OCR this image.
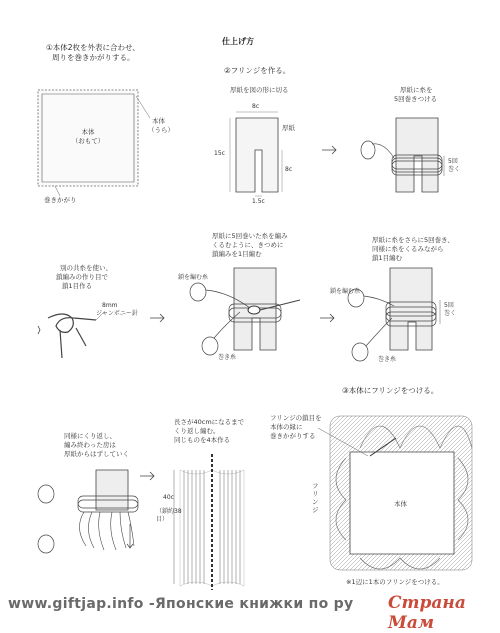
仕上げ方
①本体2枚を外表に合わせ、
周りを巻きかがりする。
本体
（おもて）
本体
（うら）
巻きかがり
②フリンジを作る。
厚紙を図の形に切る
8c
15c
8c
1.5c
厚紙
厚紙に糸を
5回巻きつける
5回
巻く
別の共糸を使い、
鎖編みの作り目で
鎖1目作る
8mm
ジャンボニー針
厚紙に5回巻いた糸を編み
くるむように、きつめに
鎖編みを1目編む
鎖を編む糸
巻き糸
厚紙に糸をさらに5回巻き、
同様に糸をくるみながら
鎖1目編む
鎖を編む糸
巻き糸
5回
巻く
同様にくり返し、
編み終わった房は
厚紙からはずしていく
長さが40cmになるまで
くり返し編む。
同じものを4本作る
40c
（鎖約38目）
③本体にフリンジをつける。
フリンジの鎖目を
本体の縁に
巻きかがりする
本体
フリンジ
※1辺に1本のフリンジをつける。
www.giftjap.info -Японские книжки по ру Страна Мам
